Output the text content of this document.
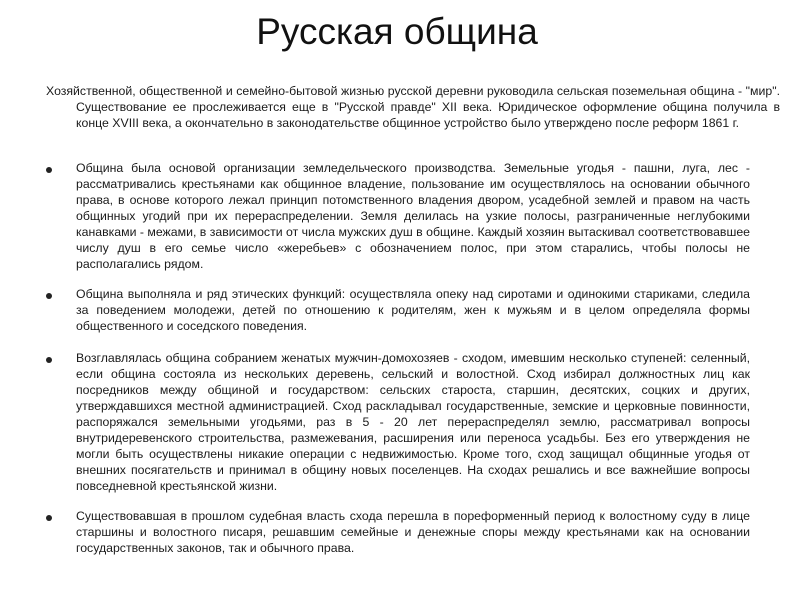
Русская община

Хозяйственной, общественной и семейно-бытовой жизнью русской деревни руководила сельская поземельная община - "мир". Существование ее прослеживается еще в "Русской правде" XII века. Юридическое оформление община получила в конце XVIII века, а окончательно в законодательстве общинное устройство было утверждено после реформ 1861 г.

Община была основой организации земледельческого производства. Земельные угодья - пашни, луга, лес - рассматривались крестьянами как общинное владение, пользование им осуществлялось на основании обычного права, в основе которого лежал принцип потомственного владения двором, усадебной землей и правом на часть общинных угодий при их перераспределении. Земля делилась на узкие полосы, разграниченные неглубокими канавками - межами, в зависимости от числа мужских душ в общине. Каждый хозяин вытаскивал соответствовавшее числу душ в его семье число «жеребьев» с обозначением полос, при этом старались, чтобы полосы не располагались рядом.
Община выполняла и ряд этических функций: осуществляла опеку над сиротами и одинокими стариками, следила за поведением молодежи, детей по отношению к родителям, жен к мужьям и в целом определяла формы общественного и соседского поведения.
Возглавлялась община собранием женатых мужчин-домохозяев - сходом, имевшим несколько ступеней: селенный, если община состояла из нескольких деревень, сельский и волостной. Сход избирал должностных лиц как посредников между общиной и государством: сельских староста, старшин, десятских, соцких и других, утверждавшихся местной администрацией. Сход раскладывал государственные, земские и церковные повинности, распоряжался земельными угодьями, раз в 5 - 20 лет перераспределял землю, рассматривал вопросы внутридеревенского строительства, размежевания, расширения или переноса усадьбы. Без его утверждения не могли быть осуществлены никакие операции с недвижимостью. Кроме того, сход защищал общинные угодья от внешних посягательств и принимал в общину новых поселенцев. На сходах решались и все важнейшие вопросы повседневной крестьянской жизни.
Существовавшая в прошлом судебная власть схода перешла в пореформенный период к волостному суду в лице старшины и волостного писаря, решавшим семейные и денежные споры между крестьянами как на основании государственных законов, так и обычного права.
